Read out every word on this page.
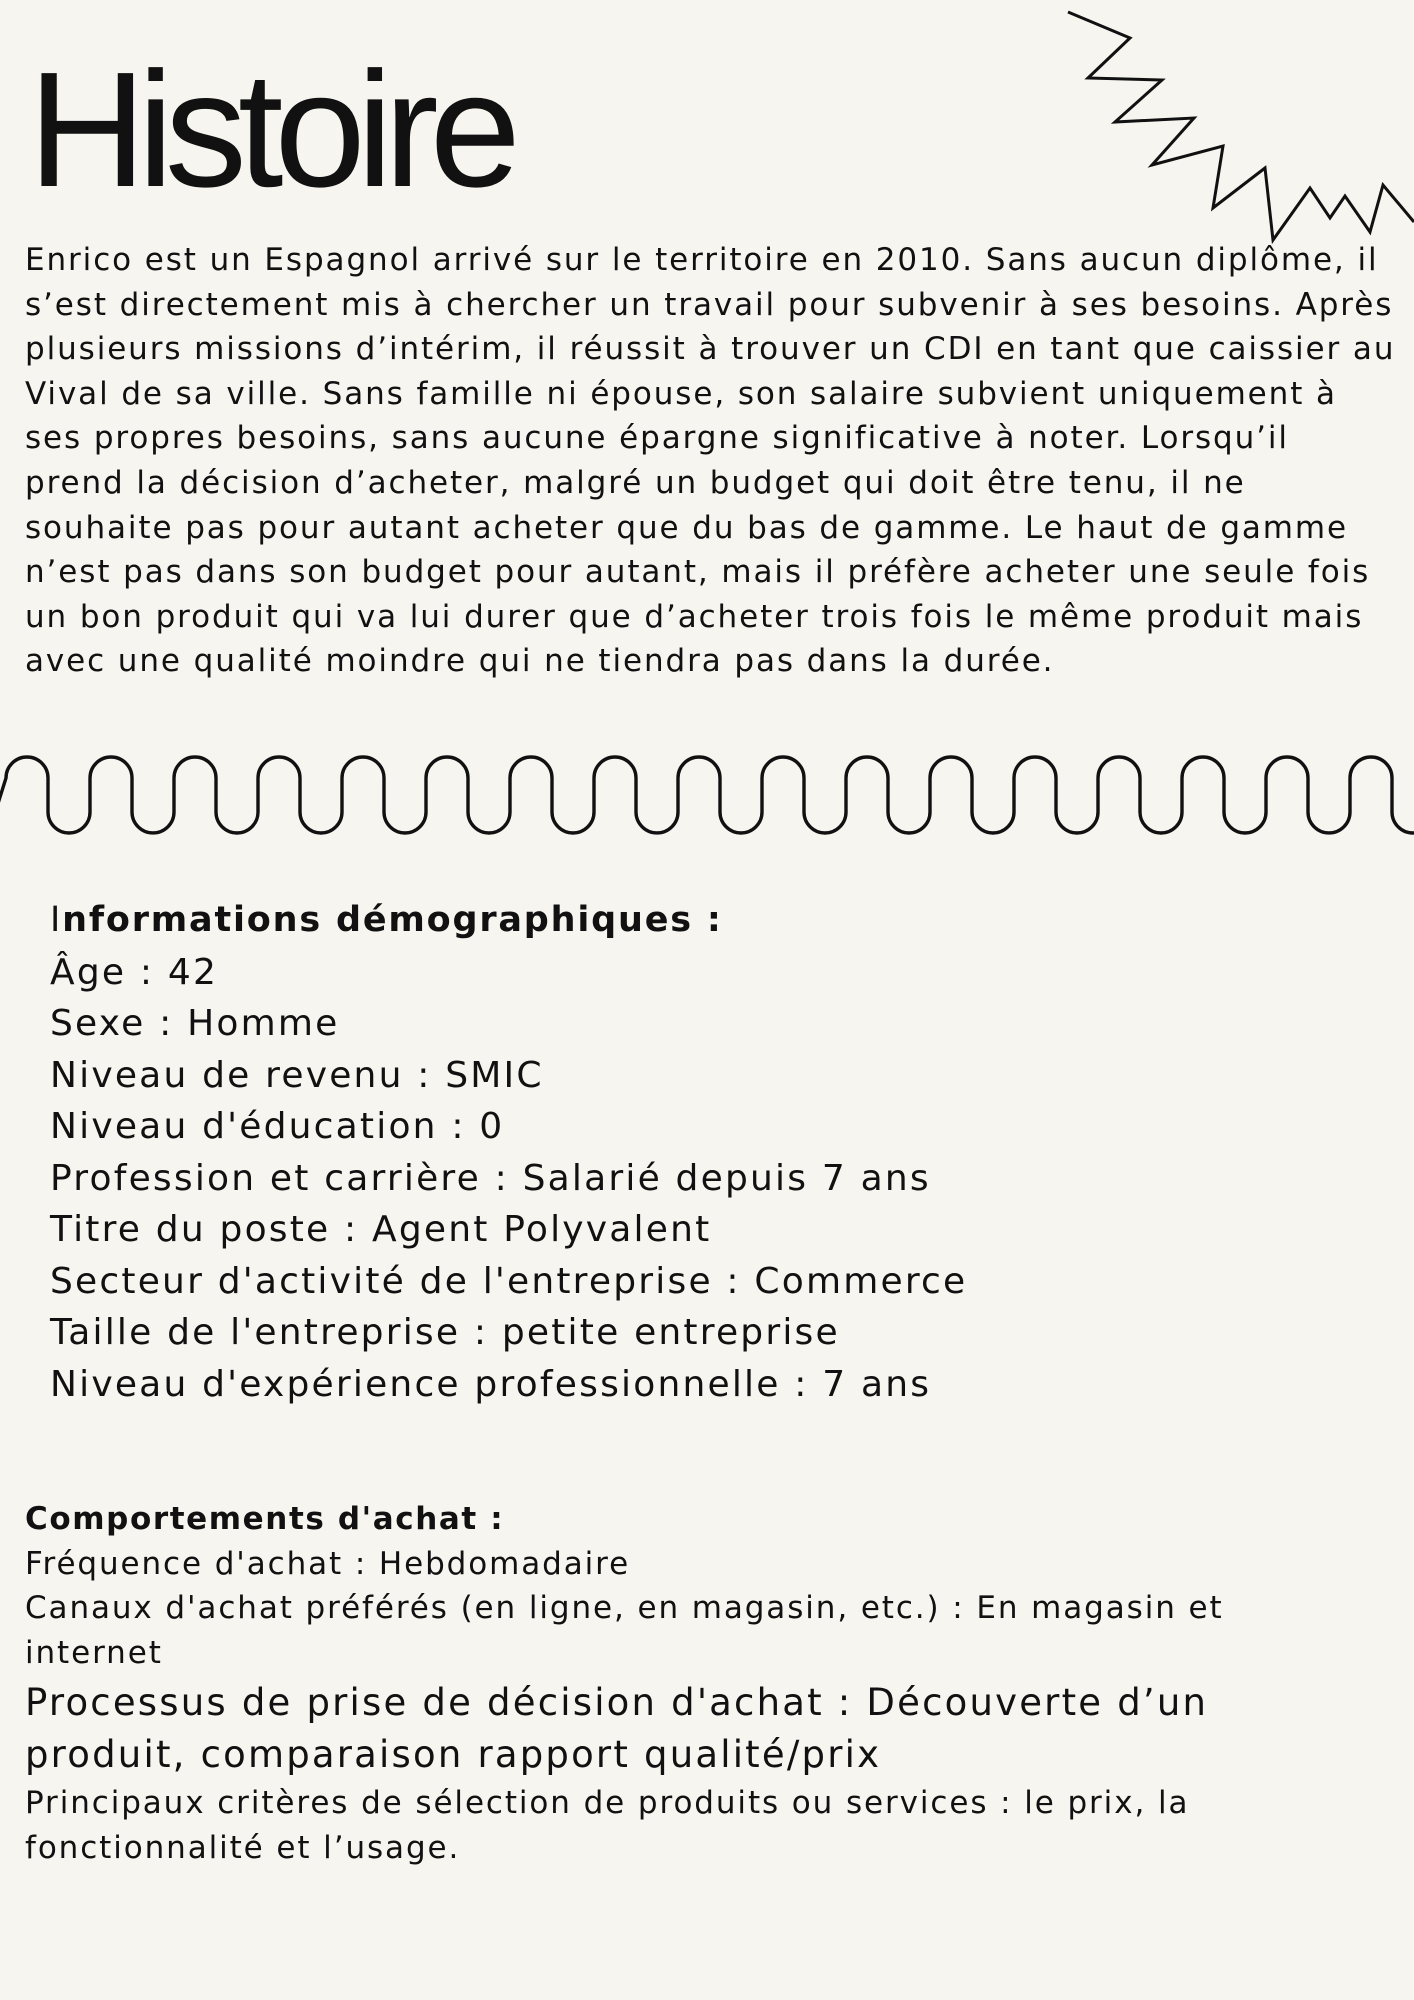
Histoire

Enrico est un Espagnol arrivé sur le territoire en 2010. Sans aucun diplôme, il s’est directement mis à chercher un travail pour subvenir à ses besoins. Après plusieurs missions d’intérim, il réussit à trouver un CDI en tant que caissier au Vival de sa ville. Sans famille ni épouse, son salaire subvient uniquement à ses propres besoins, sans aucune épargne significative à noter. Lorsqu’il prend la décision d’acheter, malgré un budget qui doit être tenu, il ne souhaite pas pour autant acheter que du bas de gamme. Le haut de gamme n’est pas dans son budget pour autant, mais il préfère acheter une seule fois un bon produit qui va lui durer que d’acheter trois fois le même produit mais avec une qualité moindre qui ne tiendra pas dans la durée.

Informations démographiques :
Âge : 42
Sexe : Homme
Niveau de revenu : SMIC
Niveau d'éducation : 0
Profession et carrière : Salarié depuis 7 ans
Titre du poste : Agent Polyvalent
Secteur d'activité de l'entreprise : Commerce
Taille de l'entreprise : petite entreprise
Niveau d'expérience professionnelle : 7 ans
Comportements d'achat :
Fréquence d'achat : Hebdomadaire
Canaux d'achat préférés (en ligne, en magasin, etc.) : En magasin et internet
Processus de prise de décision d'achat : Découverte d’un produit, comparaison rapport qualité/prix
Principaux critères de sélection de produits ou services : le prix, la fonctionnalité et l’usage.
